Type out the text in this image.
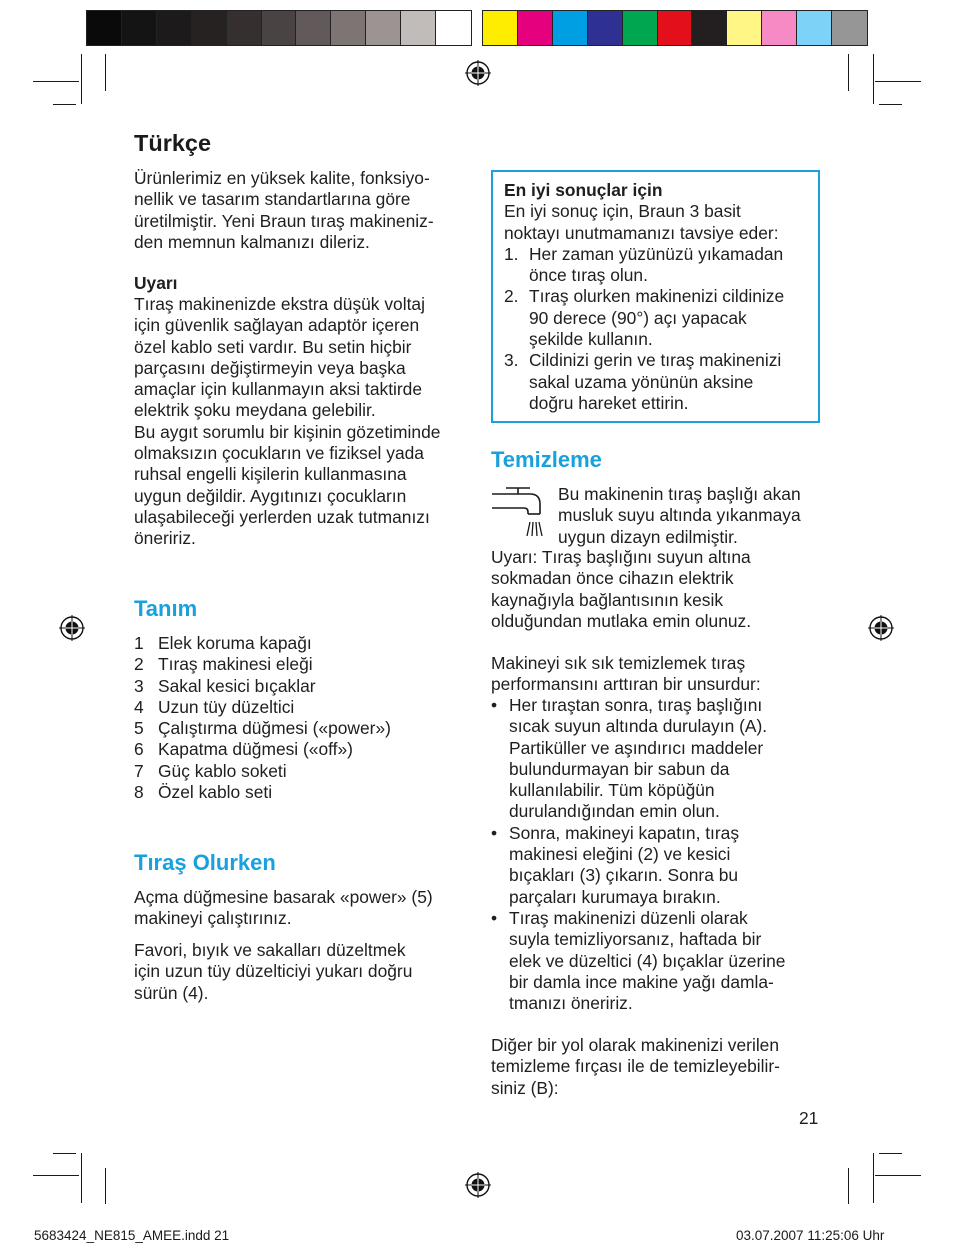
Türkçe

Ürünlerimiz en yüksek kalite, fonksiyo-

nellik ve tasarım standartlarına göre

üretilmiştir. Yeni Braun tıraş makineniz-

den memnun kalmanızı dileriz.

Uyarı

Tıraş makinenizde ekstra düşük voltaj

için güvenlik sağlayan adaptör içeren

özel kablo seti vardır. Bu setin hiçbir

parçasını değiştirmeyin veya başka

amaçlar için kullanmayın aksi taktirde

elektrik şoku meydana gelebilir.

Bu aygıt sorumlu bir kişinin gözetiminde

olmaksızın çocukların ve fiziksel yada

ruhsal engelli kişilerin kullanmasına

uygun değildir. Aygıtınızı çocukların

ulaşabileceği yerlerden uzak tutmanızı

öneririz.

Tanım
1 Elek koruma kapağı
2 Tıraş makinesi eleği
3 Sakal kesici bıçaklar
4 Uzun tüy düzeltici
5 Çalıştırma düğmesi («power»)
6 Kapatma düğmesi («off»)
7 Güç kablo soketi
8 Özel kablo seti
Tıraş Olurken

Açma düğmesine basarak «power» (5)

makineyi çalıştırınız.

Favori, bıyık ve sakalları düzeltmek

için uzun tüy düzelticiyi yukarı doğru

sürün (4).

En iyi sonuçlar için

En iyi sonuç için, Braun 3 basit

noktayı unutmamanızı tavsiye eder:

1. Her zaman yüzünüzü yıkamadan
önce tıraş olun.
2. Tıraş olurken makinenizi cildinize
90 derece (90°) açı yapacak
şekilde kullanın.
3. Cildinizi gerin ve tıraş makinenizi
sakal uzama yönünün aksine
doğru hareket ettirin.
Temizleme

Bu makinenin tıraş başlığı akan

musluk suyu altında yıkanmaya

uygun dizayn edilmiştir.

Uyarı: Tıraş başlığını suyun altına

sokmadan önce cihazın elektrik

kaynağıyla bağlantısının kesik

olduğundan mutlaka emin olunuz.

Makineyi sık sık temizlemek tıraş

performansını arttıran bir unsurdur:

• Her tıraştan sonra, tıraş başlığını
sıcak suyun altında durulayın (A).
Partiküller ve aşındırıcı maddeler
bulundurmayan bir sabun da
kullanılabilir. Tüm köpüğün
durulandığından emin olun.
• Sonra, makineyi kapatın, tıraş
makinesi eleğini (2) ve kesici
bıçakları (3) çıkarın. Sonra bu
parçaları kurumaya bırakın.
• Tıraş makinenizi düzenli olarak
suyla temizliyorsanız, haftada bir
elek ve düzeltici (4) bıçaklar üzerine
bir damla ince makine yağı damla-
tmanızı öneririz.

Diğer bir yol olarak makinenizi verilen

temizleme fırçası ile de temizleyebilir-

siniz (B):

21
5683424_NE815_AMEE.indd 21	03.07.2007 11:25:06 Uhr
